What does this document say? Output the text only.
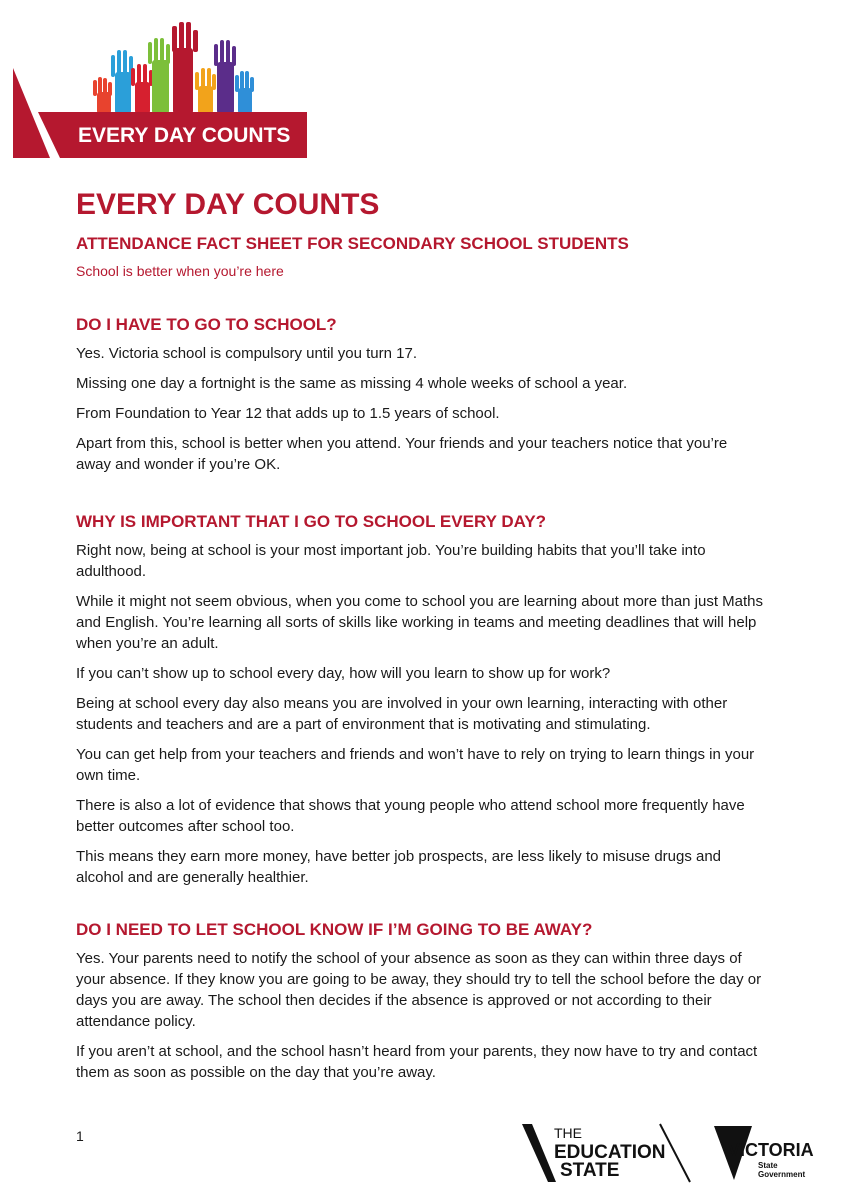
EVERY DAY COUNTS
EVERY DAY COUNTS
ATTENDANCE FACT SHEET FOR SECONDARY SCHOOL STUDENTS
School is better when you’re here
DO I HAVE TO GO TO SCHOOL?

Yes. Victoria school is compulsory until you turn 17.

Missing one day a fortnight is the same as missing 4 whole weeks of school a year.

From Foundation to Year 12 that adds up to 1.5 years of school.

Apart from this, school is better when you attend. Your friends and your teachers notice that you’re away and wonder if you’re OK.

WHY IS IMPORTANT THAT I GO TO SCHOOL EVERY DAY?

Right now, being at school is your most important job. You’re building habits that you’ll take into adulthood.

While it might not seem obvious, when you come to school you are learning about more than just Maths and English. You’re learning all sorts of skills like working in teams and meeting deadlines that will help when you’re an adult.

If you can’t show up to school every day, how will you learn to show up for work?

Being at school every day also means you are involved in your own learning, interacting with other students and teachers and are a part of environment that is motivating and stimulating.

You can get help from your teachers and friends and won’t have to rely on trying to learn things in your own time.

There is also a lot of evidence that shows that young people who attend school more frequently have better outcomes after school too.

This means they earn more money, have better job prospects, are less likely to misuse drugs and alcohol and are generally healthier.

DO I NEED TO LET SCHOOL KNOW IF I’M GOING TO BE AWAY?

Yes. Your parents need to notify the school of your absence as soon as they can within three days of your absence. If they know you are going to be away, they should try to tell the school before the day or days you are away. The school then decides if the absence is approved or not according to their attendance policy.

If you aren’t at school, and the school hasn’t heard from your parents, they now have to try and contact them as soon as possible on the day that you’re away.

1	THE
EDUCATION
STATE
VICTORIA
State
Government
